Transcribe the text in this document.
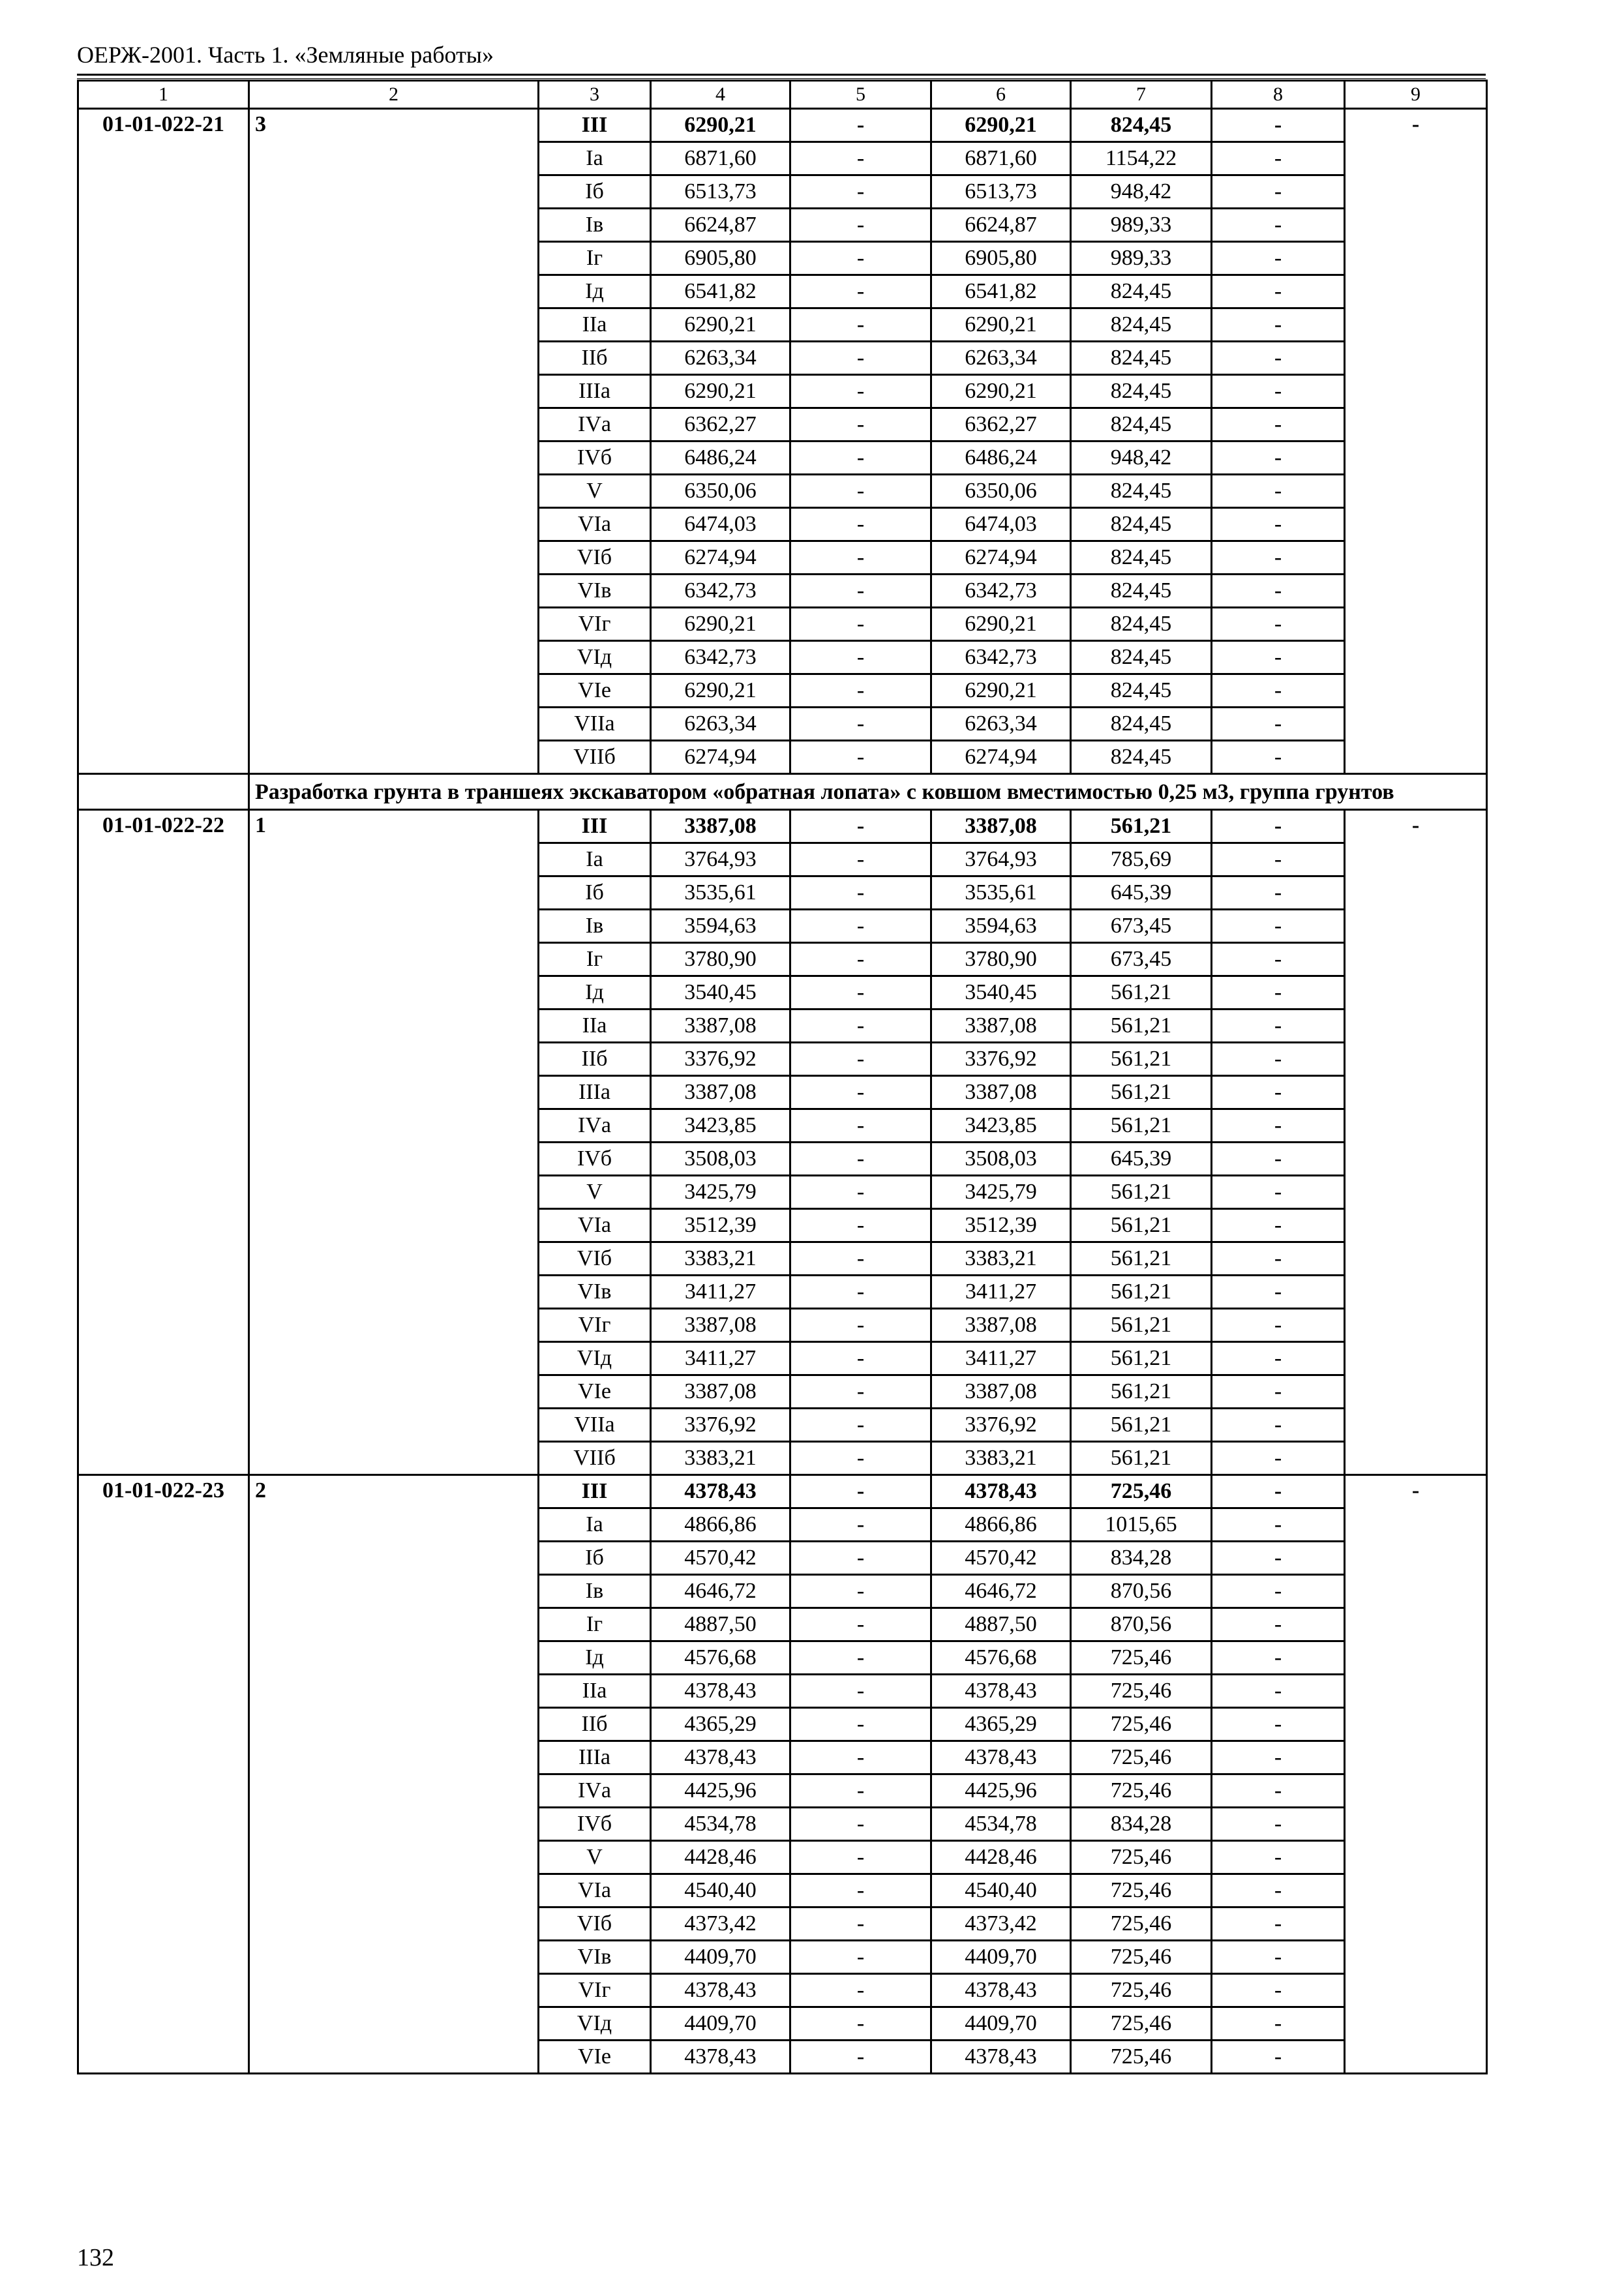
ОЕРЖ-2001. Часть 1. «Земляные работы»
1	2	3	4	5	6	7	8	9
01-01-022-21	3	III	6290,21	-	6290,21	824,45	-	-
		Iа	6871,60	-	6871,60	1154,22	-	
		Iб	6513,73	-	6513,73	948,42	-	
		Iв	6624,87	-	6624,87	989,33	-	
		Iг	6905,80	-	6905,80	989,33	-	
		Iд	6541,82	-	6541,82	824,45	-	
		IIа	6290,21	-	6290,21	824,45	-	
		IIб	6263,34	-	6263,34	824,45	-	
		IIIа	6290,21	-	6290,21	824,45	-	
		IVа	6362,27	-	6362,27	824,45	-	
		IVб	6486,24	-	6486,24	948,42	-	
		V	6350,06	-	6350,06	824,45	-	
		VIа	6474,03	-	6474,03	824,45	-	
		VIб	6274,94	-	6274,94	824,45	-	
		VIв	6342,73	-	6342,73	824,45	-	
		VIг	6290,21	-	6290,21	824,45	-	
		VIд	6342,73	-	6342,73	824,45	-	
		VIе	6290,21	-	6290,21	824,45	-	
		VIIа	6263,34	-	6263,34	824,45	-	
		VIIб	6274,94	-	6274,94	824,45	-	
	Разработка грунта в траншеях экскаватором «обратная лопата» с ковшом вместимостью 0,25 м3, группа грунтов							
01-01-022-22	1	III	3387,08	-	3387,08	561,21	-	-
		Iа	3764,93	-	3764,93	785,69	-	
		Iб	3535,61	-	3535,61	645,39	-	
		Iв	3594,63	-	3594,63	673,45	-	
		Iг	3780,90	-	3780,90	673,45	-	
		Iд	3540,45	-	3540,45	561,21	-	
		IIа	3387,08	-	3387,08	561,21	-	
		IIб	3376,92	-	3376,92	561,21	-	
		IIIа	3387,08	-	3387,08	561,21	-	
		IVа	3423,85	-	3423,85	561,21	-	
		IVб	3508,03	-	3508,03	645,39	-	
		V	3425,79	-	3425,79	561,21	-	
		VIа	3512,39	-	3512,39	561,21	-	
		VIб	3383,21	-	3383,21	561,21	-	
		VIв	3411,27	-	3411,27	561,21	-	
		VIг	3387,08	-	3387,08	561,21	-	
		VIд	3411,27	-	3411,27	561,21	-	
		VIе	3387,08	-	3387,08	561,21	-	
		VIIа	3376,92	-	3376,92	561,21	-	
		VIIб	3383,21	-	3383,21	561,21	-	
01-01-022-23	2	III	4378,43	-	4378,43	725,46	-	-
		Iа	4866,86	-	4866,86	1015,65	-	
		Iб	4570,42	-	4570,42	834,28	-	
		Iв	4646,72	-	4646,72	870,56	-	
		Iг	4887,50	-	4887,50	870,56	-	
		Iд	4576,68	-	4576,68	725,46	-	
		IIа	4378,43	-	4378,43	725,46	-	
		IIб	4365,29	-	4365,29	725,46	-	
		IIIа	4378,43	-	4378,43	725,46	-	
		IVа	4425,96	-	4425,96	725,46	-	
		IVб	4534,78	-	4534,78	834,28	-	
		V	4428,46	-	4428,46	725,46	-	
		VIа	4540,40	-	4540,40	725,46	-	
		VIб	4373,42	-	4373,42	725,46	-	
		VIв	4409,70	-	4409,70	725,46	-	
		VIг	4378,43	-	4378,43	725,46	-	
		VIд	4409,70	-	4409,70	725,46	-	
		VIе	4378,43	-	4378,43	725,46	-	
132
